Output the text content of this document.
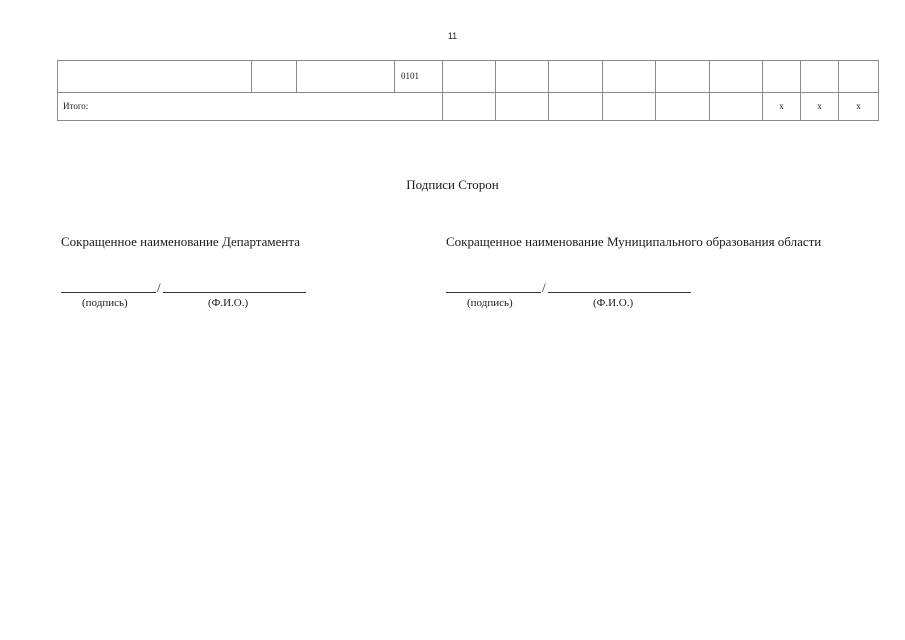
11
			0101									
Итого:										x	x	x
Подписи Сторон
Сокращенное наименование Департамента	Сокращенное наименование Муниципального образования области
/
(подпись)	(Ф.И.О.)
/
(подпись)	(Ф.И.О.)
